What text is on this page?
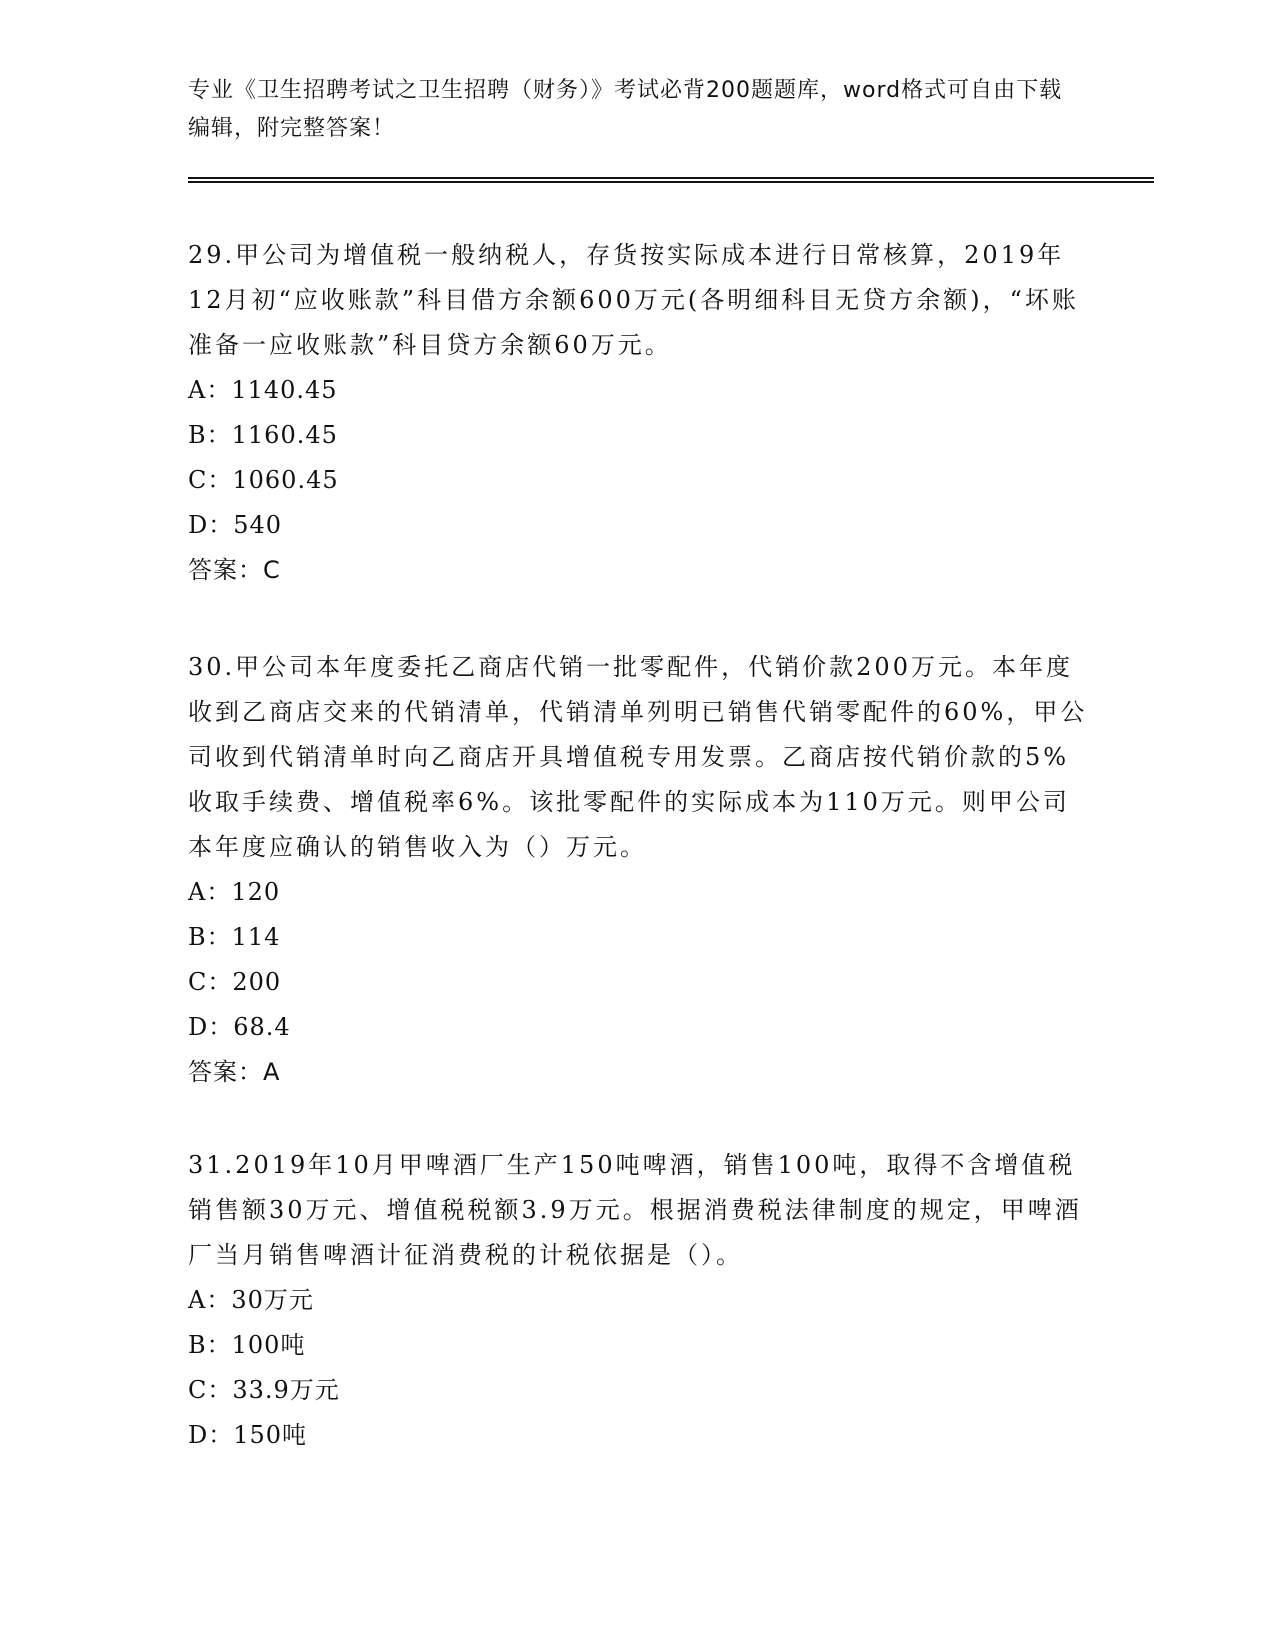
专业《卫生招聘考试之卫生招聘（财务）》考试必背200题题库，word格式可自由下载编辑，附完整答案！
29.甲公司为增值税一般纳税人，存货按实际成本进行日常核算，2019年12月初“应收账款”科目借方余额600万元(各明细科目无贷方余额)，“坏账准备一应收账款”科目贷方余额60万元。
A：1140.45
B：1160.45
C：1060.45
D：540
答案：C
30.甲公司本年度委托乙商店代销一批零配件，代销价款200万元。本年度收到乙商店交来的代销清单，代销清单列明已销售代销零配件的60%，甲公司收到代销清单时向乙商店开具增值税专用发票。乙商店按代销价款的5%收取手续费、增值税率6%。该批零配件的实际成本为110万元。则甲公司本年度应确认的销售收入为（）万元。
A：120
B：114
C：200
D：68.4
答案：A
31.2019年10月甲啤酒厂生产150吨啤酒，销售100吨，取得不含增值税销售额30万元、增值税税额3.9万元。根据消费税法律制度的规定，甲啤酒厂当月销售啤酒计征消费税的计税依据是（）。
A：30万元
B：100吨
C：33.9万元
D：150吨
